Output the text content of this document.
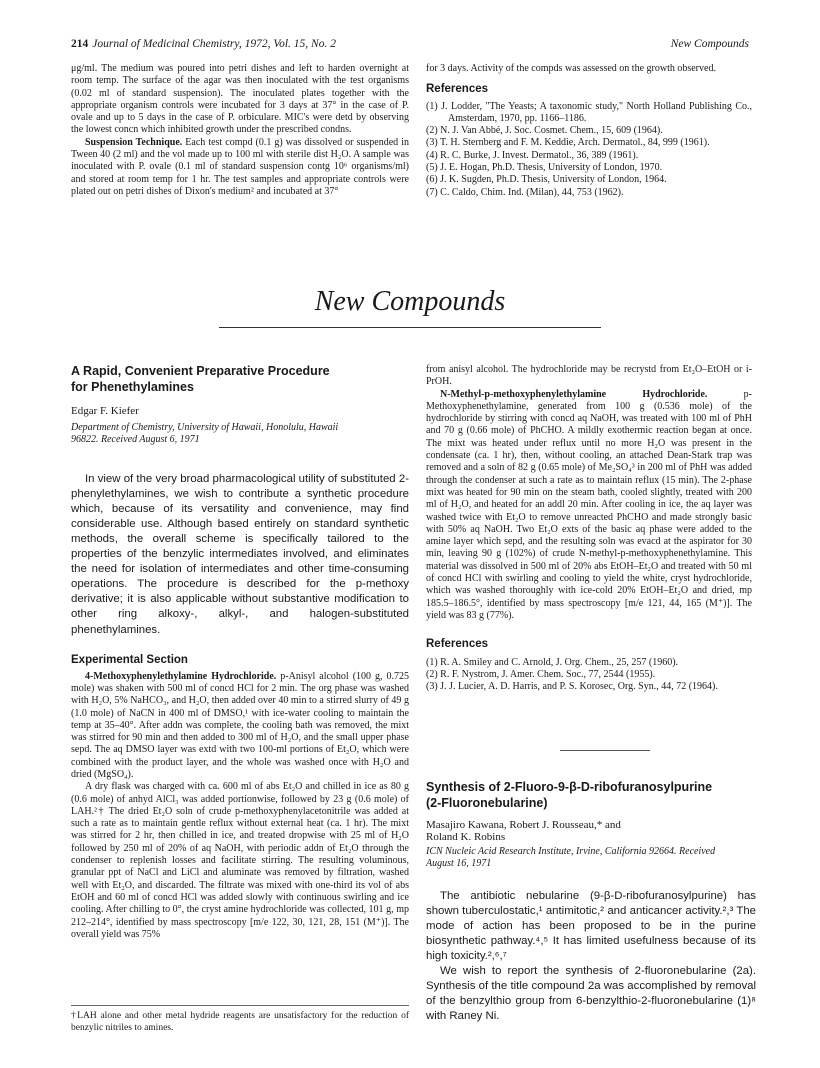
214 Journal of Medicinal Chemistry, 1972, Vol. 15, No. 2	New Compounds

μg/ml. The medium was poured into petri dishes and left to harden overnight at room temp. The surface of the agar was then inoculated with the test organisms (0.02 ml of standard suspension). The inoculated plates together with the appropriate organism controls were incubated for 3 days at 37° in the case of P. ovale and up to 5 days in the case of P. orbiculare. MIC's were detd by observing the lowest concn which inhibited growth under the prescribed condns.

Suspension Technique. Each test compd (0.1 g) was dissolved or suspended in Tween 40 (2 ml) and the vol made up to 100 ml with sterile dist H₂O. A sample was inoculated with P. ovale (0.1 ml of standard suspension contg 10⁶ organisms/ml) and stored at room temp for 1 hr. The test samples and appropriate controls were plated out on petri dishes of Dixon's medium² and incubated at 37°

for 3 days. Activity of the compds was assessed on the growth observed.

References

(1) J. Lodder, "The Yeasts; A taxonomic study," North Holland Publishing Co., Amsterdam, 1970, pp. 1166–1186.

(2) N. J. Van Abbé, J. Soc. Cosmet. Chem., 15, 609 (1964).

(3) T. H. Sternberg and F. M. Keddie, Arch. Dermatol., 84, 999 (1961).

(4) R. C. Burke, J. Invest. Dermatol., 36, 389 (1961).

(5) J. E. Hogan, Ph.D. Thesis, University of London, 1970.

(6) J. K. Sugden, Ph.D. Thesis, University of London, 1964.

(7) C. Caldo, Chim. Ind. (Milan), 44, 753 (1962).

New Compounds

A Rapid, Convenient Preparative Procedure

for Phenethylamines

Edgar F. Kiefer

Department of Chemistry, University of Hawaii, Honolulu, Hawaii 96822. Received August 6, 1971

In view of the very broad pharmacological utility of substituted 2-phenylethylamines, we wish to contribute a synthetic procedure which, because of its versatility and convenience, may find considerable use. Although based entirely on standard synthetic methods, the overall scheme is specifically tailored to the properties of the benzylic intermediates involved, and eliminates the need for isolation of intermediates and other time-consuming operations. The procedure is described for the p-methoxy derivative; it is also applicable without substantive modification to other ring alkoxy-, alkyl-, and halogen-substituted phenethylamines.

Experimental Section

4-Methoxyphenylethylamine Hydrochloride. p-Anisyl alcohol (100 g, 0.725 mole) was shaken with 500 ml of concd HCl for 2 min. The org phase was washed with H₂O, 5% NaHCO₃, and H₂O, then added over 40 min to a stirred slurry of 49 g (1.0 mole) of NaCN in 400 ml of DMSO,¹ with ice-water cooling to maintain the temp at 35–40°. After addn was complete, the cooling bath was removed, the mixt was stirred for 90 min and then added to 300 ml of H₂O, and the small upper phase sepd. The aq DMSO layer was extd with two 100-ml portions of Et₂O, which were combined with the product layer, and the whole was washed once with H₂O and dried (MgSO₄).

A dry flask was charged with ca. 600 ml of abs Et₂O and chilled in ice as 80 g (0.6 mole) of anhyd AlCl₃ was added portionwise, followed by 23 g (0.6 mole) of LAH.²† The dried Et₂O soln of crude p-methoxyphenylacetonitrile was added at such a rate as to maintain gentle reflux without external heat (ca. 1 hr). The mixt was stirred for 2 hr, then chilled in ice, and treated dropwise with 25 ml of H₂O followed by 250 ml of 20% of aq NaOH, with periodic addn of Et₂O through the condenser to replenish losses and facilitate stirring. The resulting voluminous, granular ppt of NaCl and LiCl and aluminate was removed by filtration, washed well with Et₂O, and discarded. The filtrate was mixed with one-third its vol of abs EtOH and 60 ml of concd HCl was added slowly with continuous swirling and ice cooling. After chilling to 0°, the cryst amine hydrochloride was collected, 101 g, mp 212–214°, identified by mass spectroscopy [m/e 122, 30, 121, 28, 151 (M⁺)]. The overall yield was 75%

†LAH alone and other metal hydride reagents are unsatisfactory for the reduction of benzylic nitriles to amines.

from anisyl alcohol. The hydrochloride may be recrystd from Et₂O–EtOH or i-PrOH.

N-Methyl-p-methoxyphenylethylamine Hydrochloride. p-Methoxyphenethylamine, generated from 100 g (0.536 mole) of the hydrochloride by stirring with concd aq NaOH, was treated with 100 ml of PhH and 70 g (0.66 mole) of PhCHO. A mildly exothermic reaction began at once. The mixt was heated under reflux until no more H₂O was present in the condensate (ca. 1 hr), then, without cooling, an attached Dean-Stark trap was removed and a soln of 82 g (0.65 mole) of Me₂SO₄³ in 200 ml of PhH was added through the condenser at such a rate as to maintain reflux (15 min). The 2-phase mixt was heated for 90 min on the steam bath, cooled slightly, treated with 200 ml of H₂O, and heated for an addl 20 min. After cooling in ice, the aq layer was washed twice with Et₂O to remove unreacted PhCHO and made strongly basic with 50% aq NaOH. Two Et₂O exts of the basic aq phase were added to the amine layer which sepd, and the resulting soln was evacd at the aspirator for 30 min, leaving 90 g (102%) of crude N-methyl-p-methoxyphenethylamine. This material was dissolved in 500 ml of 20% abs EtOH–Et₂O and treated with 50 ml of concd HCl with swirling and cooling to yield the white, cryst hydrochloride, which was washed thoroughly with ice-cold 20% EtOH–Et₂O and dried, mp 185.5–186.5°, identified by mass spectroscopy [m/e 121, 44, 165 (M⁺)]. The yield was 83 g (77%).

References

(1) R. A. Smiley and C. Arnold, J. Org. Chem., 25, 257 (1960).

(2) R. F. Nystrom, J. Amer. Chem. Soc., 77, 2544 (1955).

(3) J. J. Lucier, A. D. Harris, and P. S. Korosec, Org. Syn., 44, 72 (1964).

Synthesis of 2-Fluoro-9-β-D-ribofuranosylpurine

(2-Fluoronebularine)

Masajiro Kawana, Robert J. Rousseau,* and

Roland K. Robins

ICN Nucleic Acid Research Institute, Irvine, California 92664. Received August 16, 1971

The antibiotic nebularine (9-β-D-ribofuranosylpurine) has shown tuberculostatic,¹ antimitotic,² and anticancer activity.²,³ The mode of action has been proposed to be in the purine biosynthetic pathway.⁴,⁵ It has limited usefulness because of its high toxicity.²,⁶,⁷

We wish to report the synthesis of 2-fluoronebularine (2a). Synthesis of the title compound 2a was accomplished by removal of the benzylthio group from 6-benzylthio-2-fluoronebularine (1)⁸ with Raney Ni.
